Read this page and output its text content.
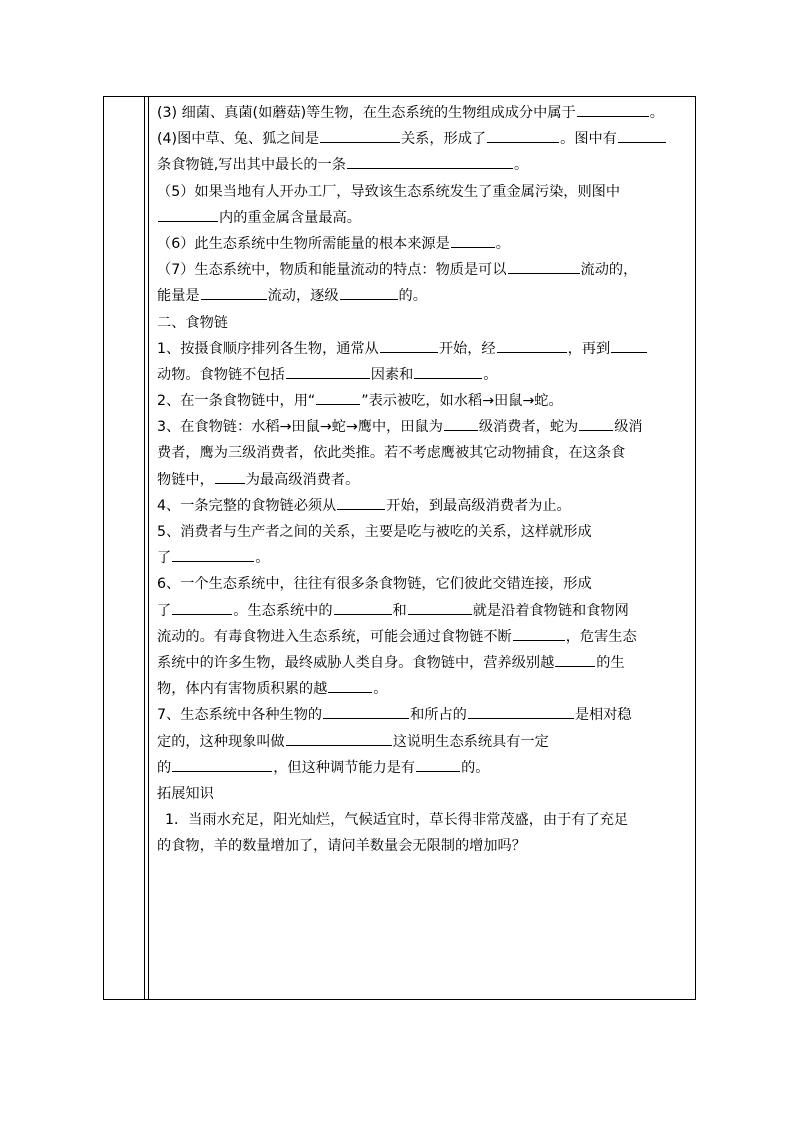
(3) 细菌、真菌(如蘑菇)等生物，在生态系统的生物组成成分中属于	。
(4)图中草、兔、狐之间是	关系，形成了	。图中有
条食物链,写出其中最长的一条	。
（5）如果当地有人开办工厂，导致该生态系统发生了重金属污染，则图中
内的重金属含量最高。
（6）此生态系统中生物所需能量的根本来源是	。
（7）生态系统中，物质和能量流动的特点：物质是可以	流动的，
能量是	流动，逐级	的。
二、食物链
1、按摄食顺序排列各生物，通常从	开始，经	，再到
动物。食物链不包括	因素和	。
2、在一条食物链中，用“	”表示被吃，如水稻→田鼠→蛇。
3、在食物链：水稻→田鼠→蛇→鹰中，田鼠为	级消费者，蛇为	级消
费者，鹰为三级消费者，依此类推。若不考虑鹰被其它动物捕食，在这条食
物链中， 为最高级消费者。
4、一条完整的食物链必须从	开始，到最高级消费者为止。
5、消费者与生产者之间的关系，主要是吃与被吃的关系，这样就形成
了	。
6、一个生态系统中，往往有很多条食物链，它们彼此交错连接，形成
了	。生态系统中的	和	就是沿着食物链和食物网
流动的。有毒食物进入生态系统，可能会通过食物链不断	，危害生态
系统中的许多生物，最终威胁人类自身。食物链中，营养级别越	的生
物，体内有害物质积累的越	。
7、生态系统中各种生物的	和所占的	是相对稳
定的，这种现象叫做	这说明生态系统具有一定
的	，但这种调节能力是有	的。
拓展知识
1．当雨水充足，阳光灿烂，气候适宜时，草长得非常茂盛，由于有了充足
的食物，羊的数量增加了，请问羊数量会无限制的增加吗？
